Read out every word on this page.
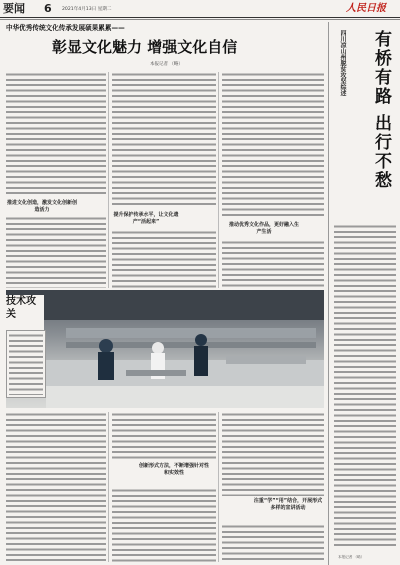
要闻	6	2021年4月13日 星期二	人民日报
中华优秀传统文化传承发展硕果累累——
彰显文化魅力 增强文化自信
本报记者 （略）
推进文化创造，激发文化创新创造活力
提升保护传承水平，让文化遗产“活起来”	推动优秀文化作品，更好融入生产生活
技术攻关
创新形式方法，不断增强针对性和实效性
注重“学”“用”结合，开展形式多样的宣讲活动
四川凉山州脱贫攻坚综述	有桥有路 出行不愁
本报记者 （略）
